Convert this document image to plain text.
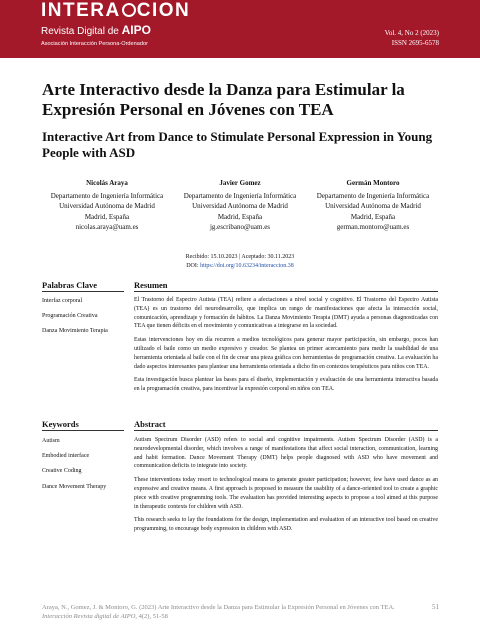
INTERA CION
Revista Digital de AIPO
Asociación Interacción Persona-Ordenador
Vol. 4, No 2 (2023)
ISSN 2695-6578
Arte Interactivo desde la Danza para Estimular la Expresión Personal en Jóvenes con TEA
Interactive Art from Dance to Stimulate Personal Expression in Young People with ASD
Nicolás Araya
Departamento de Ingeniería Informática
Universidad Autónoma de Madrid
Madrid, España
nicolas.araya@uam.es
Javier Gomez
Departamento de Ingeniería Informática
Universidad Autónoma de Madrid
Madrid, España
jg.escribano@uam.es
Germán Montoro
Departamento de Ingeniería Informática
Universidad Autónoma de Madrid
Madrid, España
german.montoro@uam.es
Recibido: 15.10.2023 | Aceptado: 30.11.2023
DOI: https://doi.org/10.63234/interaccion.38
Palabras Clave	Resumen
Interfaz corporal
Programación Creativa
Danza Movimiento Terapia

El Trastorno del Espectro Autista (TEA) refiere a afectaciones a nivel social y cognitivo. El Trastorno del Espectro Autista (TEA) es un trastorno del neurodesarrollo, que implica un rango de manifestaciones que afecta la interacción social, comunicación, aprendizaje y formación de hábitos. La Danza Movimiento Terapia (DMT) ayuda a personas diagnosticadas con TEA que tienen déficits en el movimiento y comunicativas a integrarse en la sociedad.

Estas intervenciones hoy en día recurren a medios tecnológicos para generar mayor participación, sin embargo, pocos han utilizado el baile como un medio expresivo y creador. Se plantea un primer acercamiento para medir la usabilidad de una herramienta orientada al baile con el fin de crear una pieza gráfica con herramientas de programación creativa. La evaluación ha dado aspectos interesantes para plantear una herramienta orientada a dicho fin en contextos terapéuticos para niños con TEA.

Esta investigación busca plantear las bases para el diseño, implementación y evaluación de una herramienta interactiva basada en la programación creativa, para incentivar la expresión corporal en niños con TEA.

Keywords	Abstract
Autism
Embodied interface
Creative Coding
Dance Movement Therapy

Autism Spectrum Disorder (ASD) refers to social and cognitive impairments. Autism Spectrum Disorder (ASD) is a neurodevelopmental disorder, which involves a range of manifestations that affect social interaction, communication, learning and habit formation. Dance Movement Therapy (DMT) helps people diagnosed with ASD who have movement and communication deficits to integrate into society.

These interventions today resort to technological means to generate greater participation; however, few have used dance as an expressive and creative means. A first approach is proposed to measure the usability of a dance-oriented tool to create a graphic piece with creative programming tools. The evaluation has provided interesting aspects to propose a tool aimed at this purpose in therapeutic contexts for children with ASD.

This research seeks to lay the foundations for the design, implementation and evaluation of an interactive tool based on creative programming, to encourage body expression in children with ASD.

Araya, N., Gomez, J. & Montoro, G. (2023) Arte Interactivo desde la Danza para Estimular la Expresión Personal en Jóvenes con TEA. Interacción Revista digital de AIPO, 4(2), 51-58
51
